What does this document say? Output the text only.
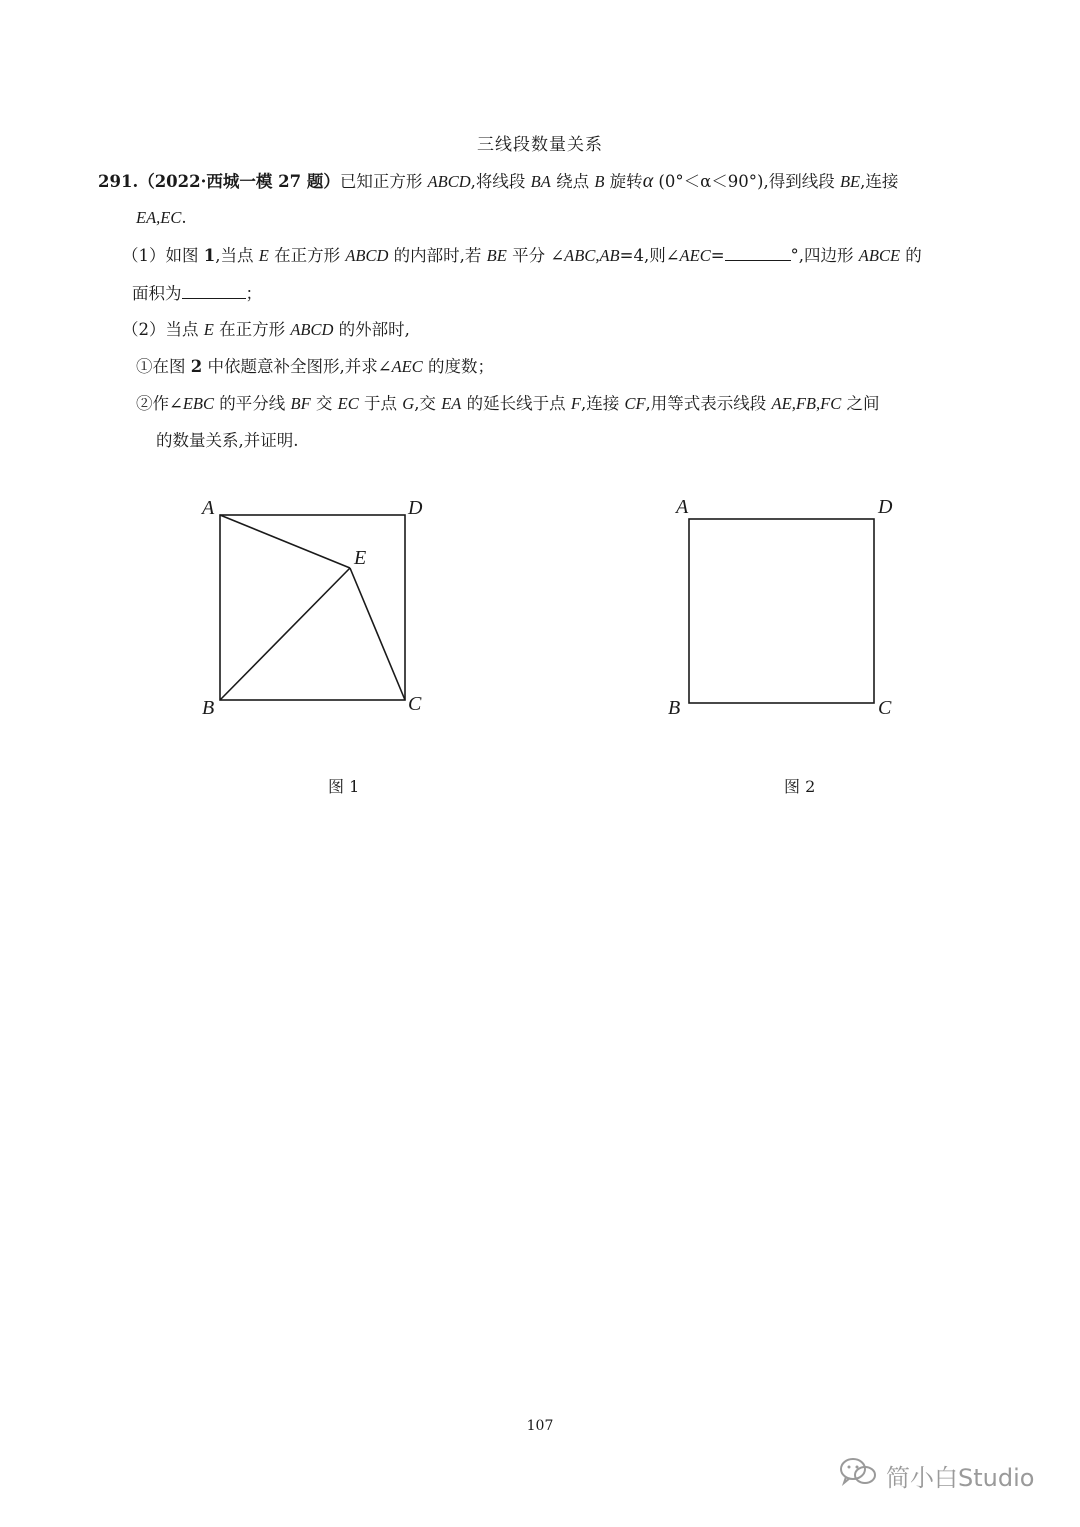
三线段数量关系
291.（2022·西城一模 27 题）已知正方形 ABCD,将线段 BA 绕点 B 旋转α (0°＜α＜90°),得到线段 BE,连接
EA,EC.
（1）如图 1,当点 E 在正方形 ABCD 的内部时,若 BE 平分 ∠ABC,AB=4,则∠AEC=	°,四边形 ABCE 的
面积为	；
（2）当点 E 在正方形 ABCD 的外部时,
①在图 2 中依题意补全图形,并求∠AEC 的度数；
②作∠EBC 的平分线 BF 交 EC 于点 G,交 EA 的延长线于点 F,连接 CF,用等式表示线段 AE,FB,FC 之间
的数量关系,并证明.
A	D
E
B	C
图 1
A	D
B	C
图 2
107
简小白Studio
